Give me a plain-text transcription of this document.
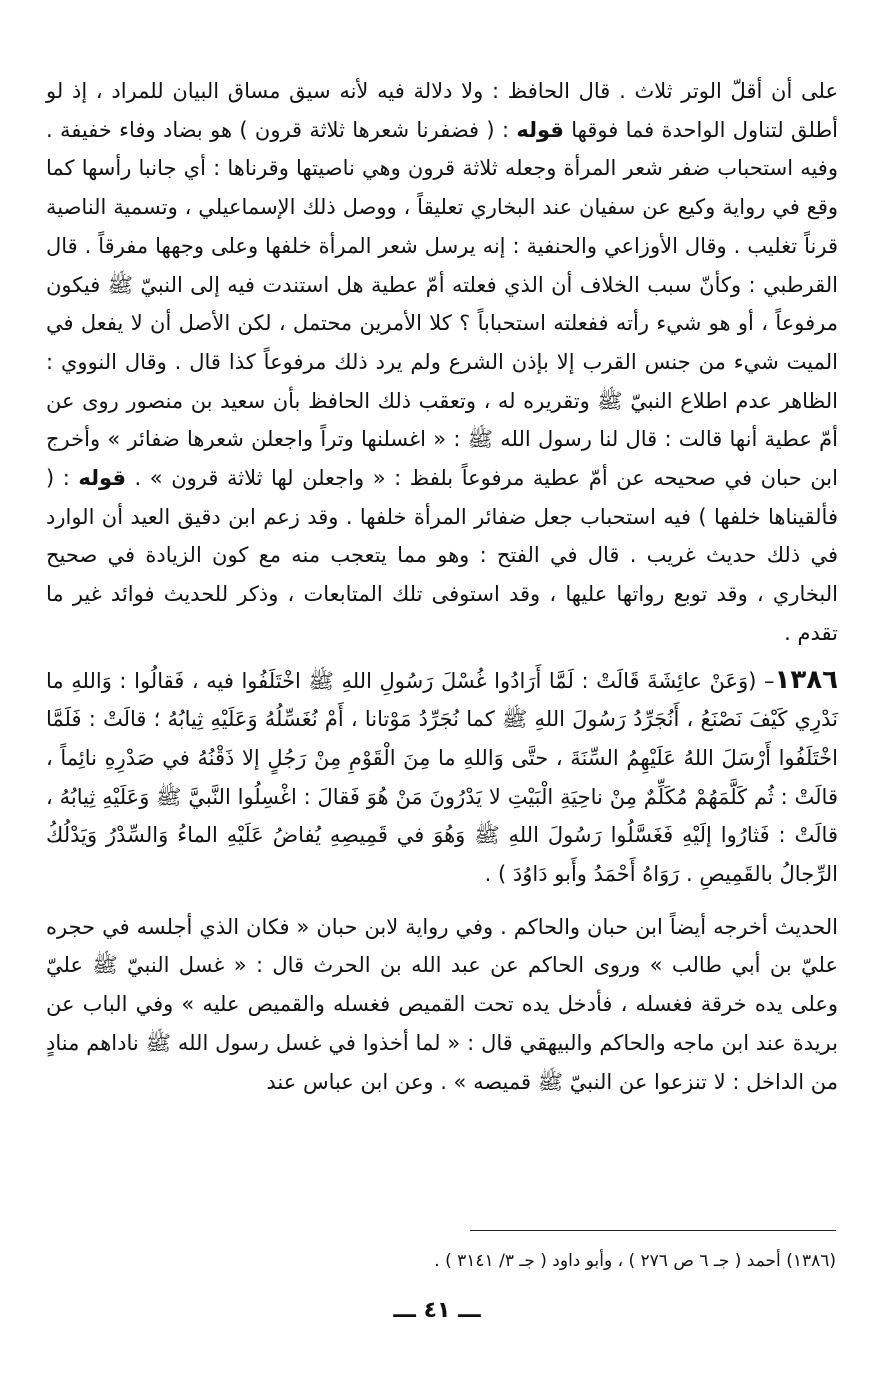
على أن أقلّ الوتر ثلاث . قال الحافظ : ولا دلالة فيه لأنه سيق مساق البيان للمراد ، إذ لو أطلق لتناول الواحدة فما فوقها قوله : ( فضفرنا شعرها ثلاثة قرون ) هو بضاد وفاء خفيفة . وفيه استحباب ضفر شعر المرأة وجعله ثلاثة قرون وهي ناصيتها وقرناها : أي جانبا رأسها كما وقع في رواية وكيع عن سفيان عند البخاري تعليقاً ، ووصل ذلك الإسماعيلي ، وتسمية الناصية قرناً تغليب . وقال الأوزاعي والحنفية : إنه يرسل شعر المرأة خلفها وعلى وجهها مفرقاً . قال القرطبي : وكأنّ سبب الخلاف أن الذي فعلته أمّ عطية هل استندت فيه إلى النبيّ ﷺ فيكون مرفوعاً ، أو هو شيء رأته ففعلته استحباباً ؟ كلا الأمرين محتمل ، لكن الأصل أن لا يفعل في الميت شيء من جنس القرب إلا بإذن الشرع ولم يرد ذلك مرفوعاً كذا قال . وقال النووي : الظاهر عدم اطلاع النبيّ ﷺ وتقريره له ، وتعقب ذلك الحافظ بأن سعيد بن منصور روى عن أمّ عطية أنها قالت : قال لنا رسول الله ﷺ : « اغسلنها وتراً واجعلن شعرها ضفائر » وأخرج ابن حبان في صحيحه عن أمّ عطية مرفوعاً بلفظ : « واجعلن لها ثلاثة قرون » . قوله : ( فألقيناها خلفها ) فيه استحباب جعل ضفائر المرأة خلفها . وقد زعم ابن دقيق العيد أن الوارد في ذلك حديث غريب . قال في الفتح : وهو مما يتعجب منه مع كون الزيادة في صحيح البخاري ، وقد توبع رواتها عليها ، وقد استوفى تلك المتابعات ، وذكر للحديث فوائد غير ما تقدم .

١٣٨٦– (وَعَنْ عائِشَةَ قَالَتْ : لَمَّا أَرَادُوا غُسْلَ رَسُولِ اللهِ ﷺ اخْتَلَفُوا فيه ، فَقالُوا : وَاللهِ ما نَدْرِي كَيْفَ نَصْنَعُ ، أَنُجَرِّدُ رَسُولَ اللهِ ﷺ كما نُجَرِّدُ مَوْتانا ، أَمْ نُغَسِّلُهُ وَعَلَيْهِ ثِيابُهُ ؛ قالَتْ : فَلَمَّا اخْتَلَفُوا أَرْسَلَ اللهُ عَلَيْهِمُ السِّنَةَ ، حتَّى وَاللهِ ما مِنَ الْقَوْمِ مِنْ رَجُلٍ إلا ذَقْنُهُ في صَدْرِهِ نائِماً ، قالَتْ : ثُم كَلَّمَهُمْ مُكَلِّمٌ مِنْ ناحِيَةِ الْبَيْتِ لا يَدْرُونَ مَنْ هُوَ فَقالَ : اغْسِلُوا النَّبيَّ ﷺ وَعَلَيْهِ ثِيابُهُ ، قالَتْ : فَثارُوا إلَيْهِ فَغَسَّلُوا رَسُولَ اللهِ ﷺ وَهُوَ في قَمِيصِهِ يُفاضُ عَلَيْهِ الماءُ وَالسِّدْرُ وَيَدْلُكُ الرِّجالُ بالقَمِيصِ . رَوَاهُ أَحْمَدُ وأَبو دَاوُدَ ) .

الحديث أخرجه أيضاً ابن حبان والحاكم . وفي رواية لابن حبان « فكان الذي أجلسه في حجره عليّ بن أبي طالب » وروى الحاكم عن عبد الله بن الحرث قال : « غسل النبيّ ﷺ عليّ وعلى يده خرقة فغسله ، فأدخل يده تحت القميص فغسله والقميص عليه » وفي الباب عن بريدة عند ابن ماجه والحاكم والبيهقي قال : « لما أخذوا في غسل رسول الله ﷺ ناداهم منادٍ من الداخل : لا تنزعوا عن النبيّ ﷺ قميصه » . وعن ابن عباس عند

(١٣٨٦) أحمد ( جـ ٦ ص ٢٧٦ ) ، وأبو داود ( جـ ٣/ ٣١٤١ ) .
ـــ ٤١ ـــ
